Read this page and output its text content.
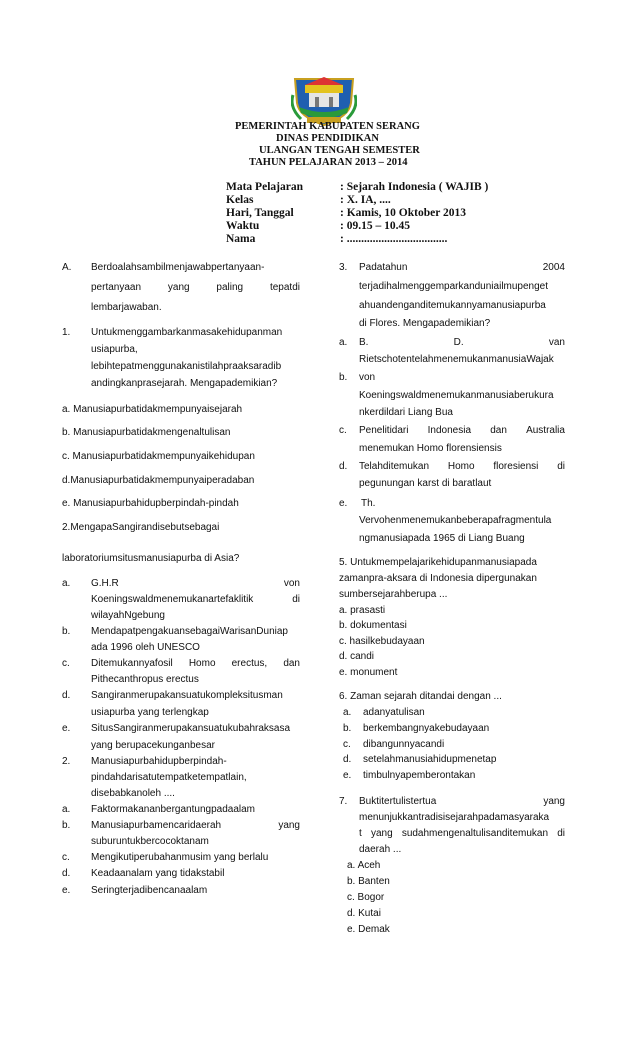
PEMERINTAH KABUPATEN SERANG
DINAS PENDIDIKAN
ULANGAN TENGAH SEMESTER
TAHUN PELAJARAN 2013 – 2014
Mata Pelajaran	: Sejarah Indonesia ( WAJIB )
Kelas	: X. IA, ....
Hari, Tanggal	: Kamis, 10 Oktober 2013
Waktu	: 09.15 – 10.45
Nama	: ...................................
A. Berdoalahsambilmenjawabpertanyaan-
pertanyaan	yang	paling	tepatdi
lembarjawaban.
1. Untukmenggambarkanmasakehidupanman
usiapurba,
lebihtepatmenggunakanistilahpraaksaradib
andingkanprasejarah. Mengapademikian?
a. Manusiapurbatidakmempunyaisejarah
b. Manusiapurbatidakmengenaltulisan
c. Manusiapurbatidakmempunyaikehidupan
d.Manusiapurbatidakmempunyaiperadaban
e. Manusiapurbahidupberpindah-pindah
2.MengapaSangirandisebutsebagai
laboratoriumsitusmanusiapurba di Asia?
a. G.H.R	von
Koeningswaldmenemukanartefaklitik	di
wilayahNgebung
b. MendapatpengakuansebagaiWarisanDuniap
ada 1996 oleh UNESCO
c. Ditemukannyafosil Homo erectus, dan
Pithecanthropus erectus
d. Sangiranmerupakansuatukompleksitusman
usiapurba yang terlengkap
e. SitusSangiranmerupakansuatukubahraksasa
yang berupacekunganbesar
2. Manusiapurbahidupberpindah-
pindahdarisatutempatketempatlain,
disebabkanoleh ....
a. Faktormakananbergantungpadaalam
b. Manusiapurbamencaridaerah	yang
suburuntukbercocoktanam
c. Mengikutiperubahanmusim yang berlalu
d. Keadaanalam yang tidakstabil
e. Seringterjadibencanaalam
3. Padatahun	2004
terjadihalmenggemparkanduniailmupenget
ahuandenganditemukannyamanusiapurba
di Flores. Mengapademikian?
a. B.	D.	van
RietschotentelahmenemukanmanusiaWajak
b. von
Koeningswaldmenemukanmanusiaberukura
nkerdildari Liang Bua
c. Penelitidari Indonesia dan Australia
menemukan Homo florensiensis
d. Telahditemukan Homo floresiensi di
pegunungan karst di baratlaut
e. Th.
Vervohenmenemukanbeberapafragmentula
ngmanusiapada 1965 di Liang Buang
5. Untukmempelajarikehidupanmanusiapada
zamanpra-aksara di Indonesia dipergunakan
sumbersejarahberupa ...
a. prasasti
b. dokumentasi
c. hasilkebudayaan
d. candi
e. monument
6. Zaman sejarah ditandai dengan ...
a. adanyatulisan
b. berkembangnyakebudayaan
c. dibangunnyacandi
d. setelahmanusiahidupmenetap
e. timbulnyapemberontakan
7. Buktitertulistertua	yang
menunjukkantradisisejarahpadamasyaraka
t yang sudahmengenaltulisanditemukan di
daerah ...
a. Aceh
b. Banten
c. Bogor
d. Kutai
e. Demak
